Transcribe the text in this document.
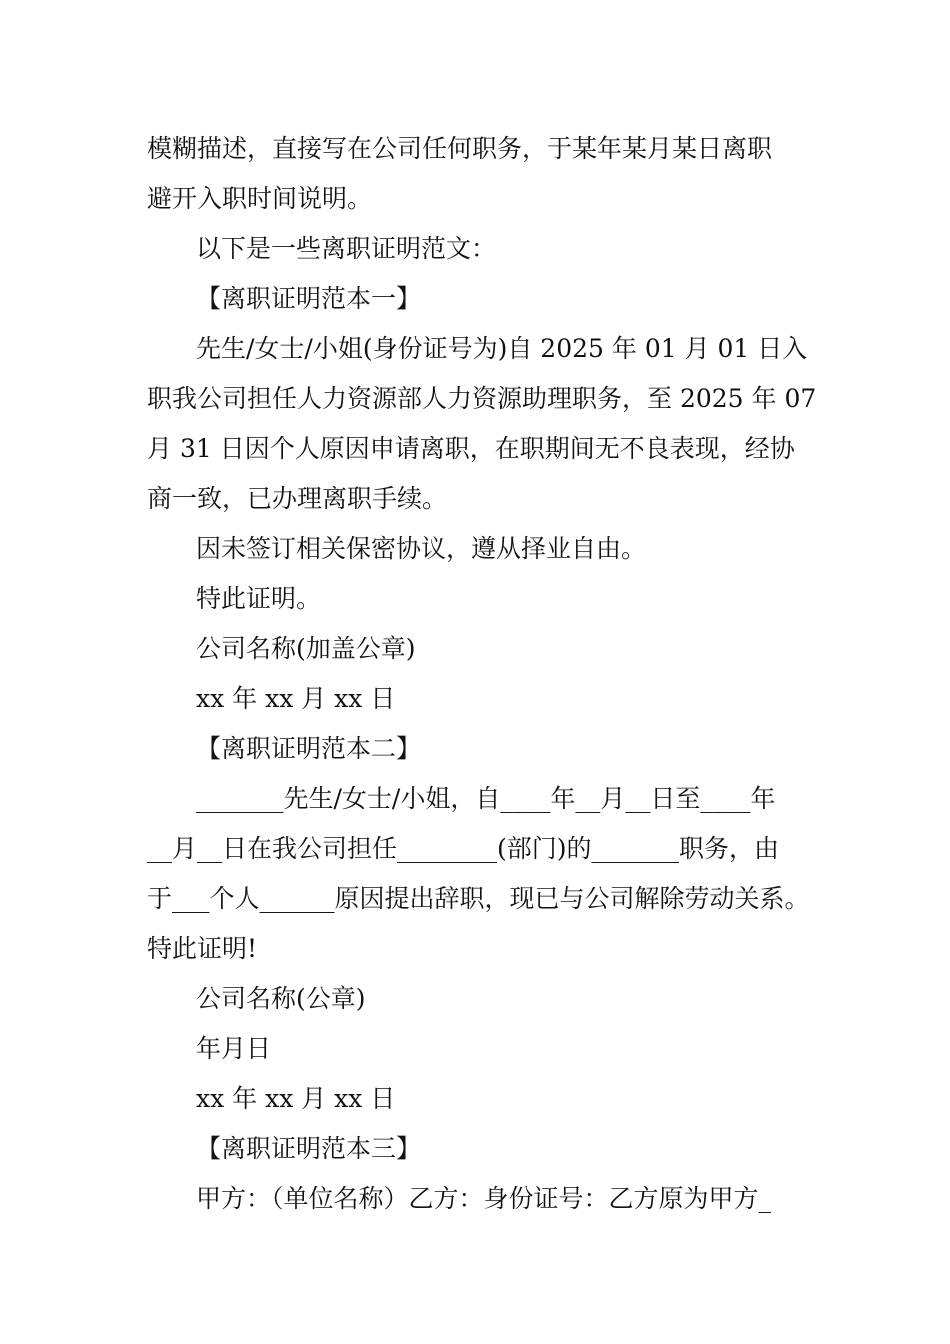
模糊描述，直接写在公司任何职务，于某年某月某日离职
避开入职时间说明。
以下是一些离职证明范文：
【离职证明范本一】
先生/女士/小姐(身份证号为)自 2025 年 01 月 01 日入
职我公司担任人力资源部人力资源助理职务，至 2025 年 07
月 31 日因个人原因申请离职，在职期间无不良表现，经协
商一致，已办理离职手续。
因未签订相关保密协议，遵从择业自由。
特此证明。
公司名称(加盖公章)
xx 年 xx 月 xx 日
【离职证明范本二】
_______先生/女士/小姐，自____年__月__日至____年
__月__日在我公司担任________(部门)的_______职务，由
于___个人______原因提出辞职，现已与公司解除劳动关系。
特此证明!
公司名称(公章)
年月日
xx 年 xx 月 xx 日
【离职证明范本三】
甲方：（单位名称）乙方：身份证号：乙方原为甲方_
